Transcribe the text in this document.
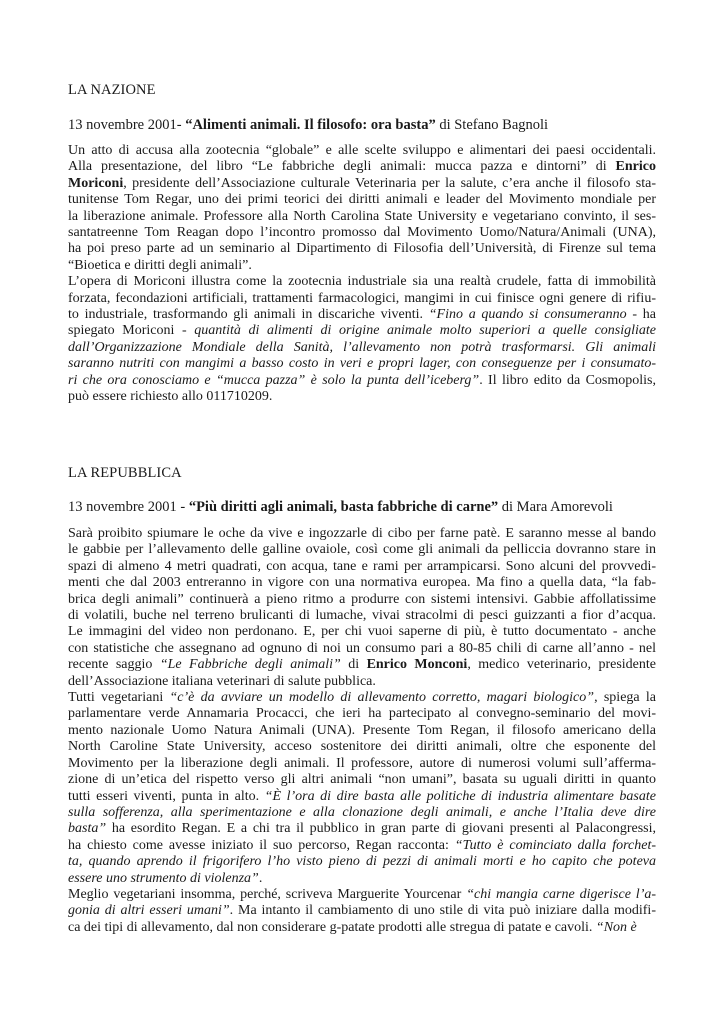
LA NAZIONE
13 novembre 2001- “Alimenti animali. Il filosofo: ora basta” di Stefano Bagnoli

Un atto di accusa alla zootecnia “globale” e alle scelte sviluppo e alimentari dei paesi occidentali.
Alla presentazione, del libro “Le fabbriche degli animali: mucca pazza e dintorni” di Enrico
Moriconi, presidente dell’Associazione culturale Veterinaria per la salute, c’era anche il filosofo sta-
tunitense Tom Regar, uno dei primi teorici dei diritti animali e leader del Movimento mondiale per
la liberazione animale. Professore alla North Carolina State University e vegetariano convinto, il ses-
santatreenne Tom Reagan dopo l’incontro promosso dal Movimento Uomo/Natura/Animali (UNA),
ha poi preso parte ad un seminario al Dipartimento di Filosofia dell’Università, di Firenze sul tema
“Bioetica e diritti degli animali”.

L’opera di Moriconi illustra come la zootecnia industriale sia una realtà crudele, fatta di immobilità
forzata, fecondazioni artificiali, trattamenti farmacologici, mangimi in cui finisce ogni genere di rifiu-
to industriale, trasformando gli animali in discariche viventi. “Fino a quando si consumeranno - ha
spiegato Moriconi - quantità di alimenti di origine animale molto superiori a quelle consigliate
dall’Organizzazione Mondiale della Sanità, l’allevamento non potrà trasformarsi. Gli animali
saranno nutriti con mangimi a basso costo in veri e propri lager, con conseguenze per i consumato-
ri che ora conosciamo e “mucca pazza” è solo la punta dell’iceberg”. Il libro edito da Cosmopolis,
può essere richiesto allo 011710209.

LA REPUBBLICA
13 novembre 2001 - “Più diritti agli animali, basta fabbriche di carne” di Mara Amorevoli

Sarà proibito spiumare le oche da vive e ingozzarle di cibo per farne patè. E saranno messe al bando
le gabbie per l’allevamento delle galline ovaiole, così come gli animali da pelliccia dovranno stare in
spazi di almeno 4 metri quadrati, con acqua, tane e rami per arrampicarsi. Sono alcuni del provvedi-
menti che dal 2003 entreranno in vigore con una normativa europea. Ma fino a quella data, “la fab-
brica degli animali” continuerà a pieno ritmo a produrre con sistemi intensivi. Gabbie affollatissime
di volatili, buche nel terreno brulicanti di lumache, vivai stracolmi di pesci guizzanti a fior d’acqua.
Le immagini del video non perdonano. E, per chi vuoi saperne di più, è tutto documentato - anche
con statistiche che assegnano ad ognuno di noi un consumo pari a 80-85 chili di carne all’anno - nel
recente saggio “Le Fabbriche degli animali” di Enrico Monconi, medico veterinario, presidente
dell’Associazione italiana veterinari di salute pubblica.

Tutti vegetariani “c’è da avviare un modello di allevamento corretto, magari biologico”, spiega la
parlamentare verde Annamaria Procacci, che ieri ha partecipato al convegno-seminario del movi-
mento nazionale Uomo Natura Animali (UNA). Presente Tom Regan, il filosofo americano della
North Caroline State University, acceso sostenitore dei diritti animali, oltre che esponente del
Movimento per la liberazione degli animali. Il professore, autore di numerosi volumi sull’afferma-
zione di un’etica del rispetto verso gli altri animali “non umani”, basata su uguali diritti in quanto
tutti esseri viventi, punta in alto. “È l’ora di dire basta alle politiche di industria alimentare basate
sulla sofferenza, alla sperimentazione e alla clonazione degli animali, e anche l’Italia deve dire
basta” ha esordito Regan. E a chi tra il pubblico in gran parte di giovani presenti al Palacongressi,
ha chiesto come avesse iniziato il suo percorso, Regan racconta: “Tutto è cominciato dalla forchet-
ta, quando aprendo il frigorifero l’ho visto pieno di pezzi di animali morti e ho capito che poteva
essere uno strumento di violenza”.

Meglio vegetariani insomma, perché, scriveva Marguerite Yourcenar “chi mangia carne digerisce l’a-
gonia di altri esseri umani”. Ma intanto il cambiamento di uno stile di vita può iniziare dalla modifi-
ca dei tipi di allevamento, dal non considerare g-patate prodotti alle stregua di patate e cavoli. “Non è
